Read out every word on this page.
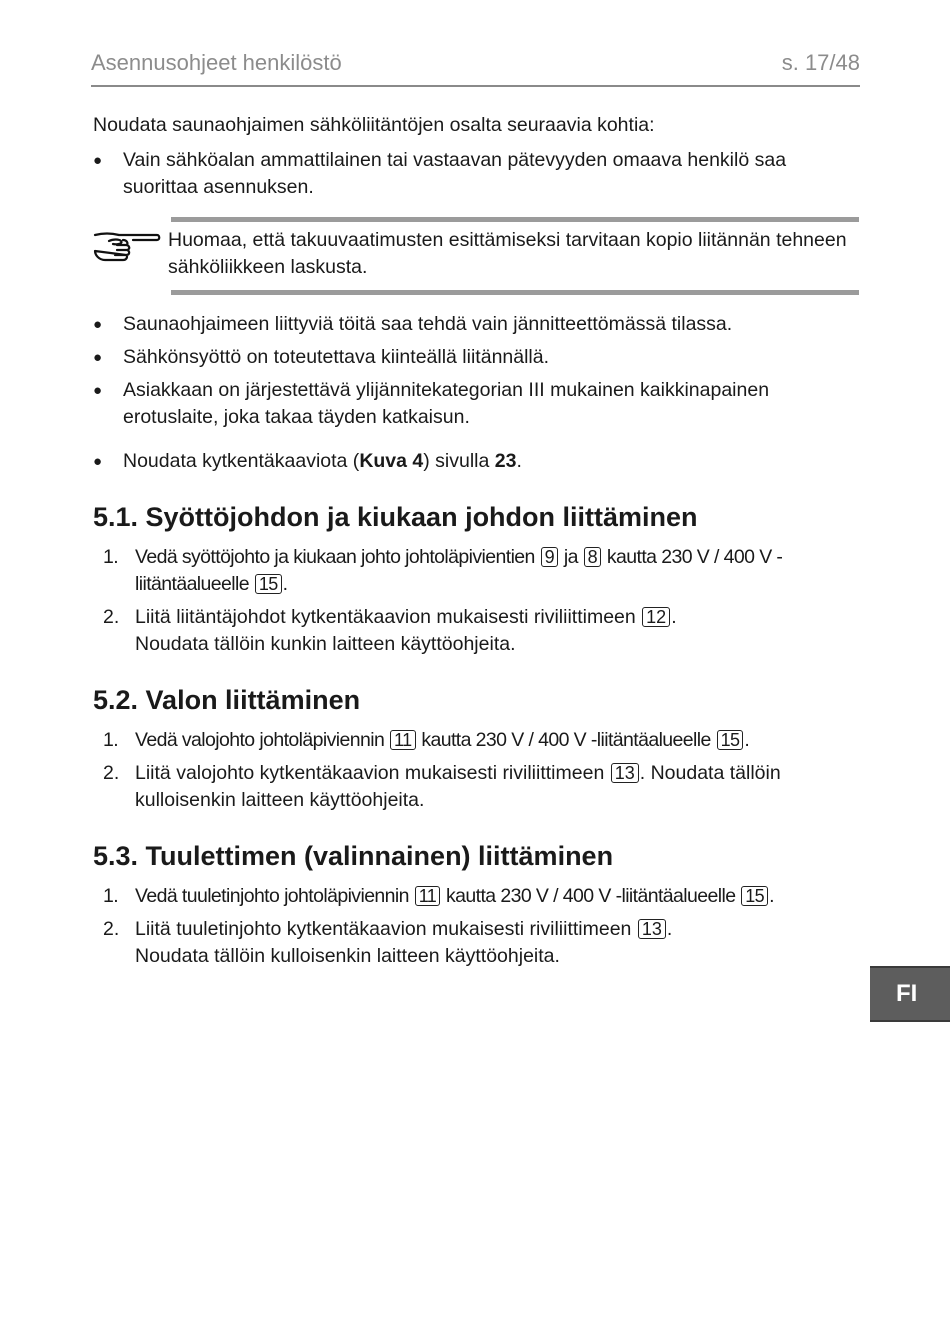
Asennusohjeet henkilöstö	s. 17/48

Noudata saunaohjaimen sähköliitäntöjen osalta seuraavia kohtia:

● Vain sähköalan ammattilainen tai vastaavan pätevyyden omaava henkilö saa suorittaa asennuksen.

Huomaa, että takuuvaatimusten esittämiseksi tarvitaan kopio liitännän tehneen sähköliikkeen laskusta.

● Saunaohjaimeen liittyviä töitä saa tehdä vain jännitteettömässä tilassa.

● Sähkönsyöttö on toteutettava kiinteällä liitännällä.

● Asiakkaan on järjestettävä ylijännitekategorian III mukainen kaikkinapainen erotuslaite, joka takaa täyden katkaisun.

● Noudata kytkentäkaaviota (Kuva 4) sivulla 23.

5.1. Syöttöjohdon ja kiukaan johdon liittäminen
1. Vedä syöttöjohto ja kiukaan johto johtoläpivientien 9 ja 8 kautta 230 V / 400 V -liitäntäalueelle 15 .
2. Liitä liitäntäjohdot kytkentäkaavion mukaisesti riviliittimeen 12 .
Noudata tällöin kunkin laitteen käyttöohjeita.
5.2. Valon liittäminen
1. Vedä valojohto johtoläpiviennin 11 kautta 230 V / 400 V -liitäntäalueelle 15 .
2. Liitä valojohto kytkentäkaavion mukaisesti riviliittimeen 13 . Noudata tällöin kulloisenkin laitteen käyttöohjeita.
5.3. Tuulettimen (valinnainen) liittäminen
1. Vedä tuuletinjohto johtoläpiviennin 11 kautta 230 V / 400 V -liitäntäalueelle 15 .
2. Liitä tuuletinjohto kytkentäkaavion mukaisesti riviliittimeen 13 .
Noudata tällöin kulloisenkin laitteen käyttöohjeita.
FI
